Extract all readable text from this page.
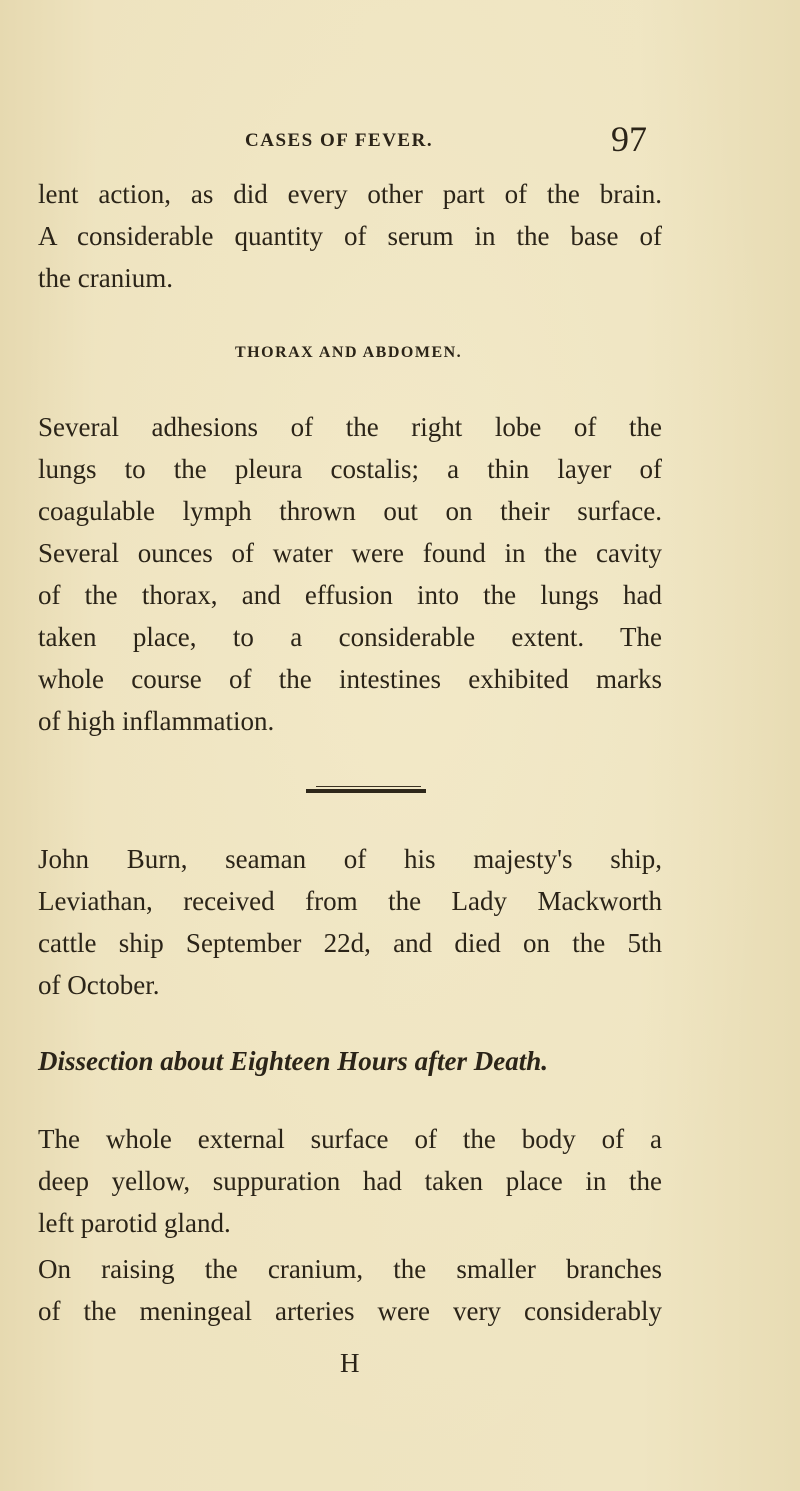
CASES OF FEVER.	97
lent action, as did every other part of the brain.
A considerable quantity of serum in the base of
the cranium.
THORAX AND ABDOMEN.
Several adhesions of the right lobe of the
lungs to the pleura costalis; a thin layer of
coagulable lymph thrown out on their surface.
Several ounces of water were found in the cavity
of the thorax, and effusion into the lungs had
taken place, to a considerable extent. The
whole course of the intestines exhibited marks
of high inflammation.
John Burn, seaman of his majesty's ship,
Leviathan, received from the Lady Mackworth
cattle ship September 22d, and died on the 5th
of October.
Dissection about Eighteen Hours after Death.
The whole external surface of the body of a
deep yellow, suppuration had taken place in the
left parotid gland.
On raising the cranium, the smaller branches
of the meningeal arteries were very considerably
H
